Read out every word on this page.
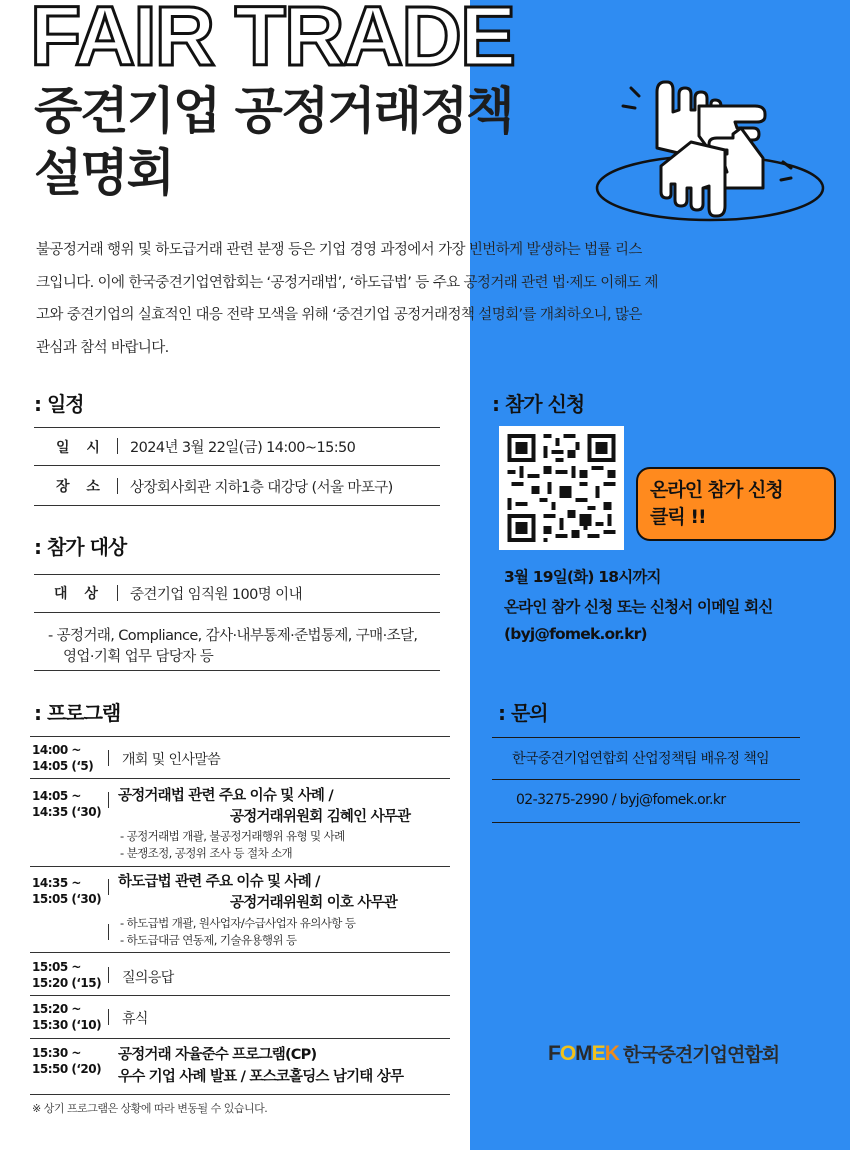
FAIR TRADE
중견기업 공정거래정책
설명회
불공정거래 행위 및 하도급거래 관련 분쟁 등은 기업 경영 과정에서 가장 빈번하게 발생하는 법률 리스
크입니다. 이에 한국중견기업연합회는 ‘공정거래법’, ‘하도급법’ 등 주요 공정거래 관련 법·제도 이해도 제
고와 중견기업의 실효적인 대응 전략 모색을 위해 ‘중견기업 공정거래정책 설명회’를 개최하오니, 많은
관심과 참석 바랍니다.
: 일정
일 시 2024년 3월 22일(금) 14:00~15:50
장 소 상장회사회관 지하1층 대강당 (서울 마포구)
: 참가 대상
대 상 중견기업 임직원 100명 이내
- 공정거래, Compliance, 감사·내부통제·준법통제, 구매·조달,
영업·기획 업무 담당자 등
: 프로그램
14:00 ~
14:05 (‘5) 개회 및 인사말씀
14:05 ~
14:35 (‘30)
공정거래법 관련 주요 이슈 및 사례 /
공정거래위원회 김혜인 사무관
- 공정거래법 개괄, 불공정거래행위 유형 및 사례
- 분쟁조정, 공정위 조사 등 절차 소개
14:35 ~
15:05 (‘30)
하도급법 관련 주요 이슈 및 사례 /
공정거래위원회 이호 사무관
- 하도급법 개괄, 원사업자/수급사업자 유의사항 등
- 하도급대금 연동제, 기술유용행위 등
15:05 ~
15:20 (‘15) 질의응답
15:20 ~
15:30 (‘10) 휴식
15:30 ~
15:50 (‘20)
공정거래 자율준수 프로그램(CP)
우수 기업 사례 발표 / 포스코홀딩스 남기태 상무
※ 상기 프로그램은 상황에 따라 변동될 수 있습니다.
: 참가 신청
온라인 참가 신청
클릭 !!
3월 19일(화) 18시까지
온라인 참가 신청 또는 신청서 이메일 회신
(byj@fomek.or.kr)
: 문의
한국중견기업연합회 산업정책팀 배유정 책임
02-3275-2990 / byj@fomek.or.kr
FOMEK 한국중견기업연합회
